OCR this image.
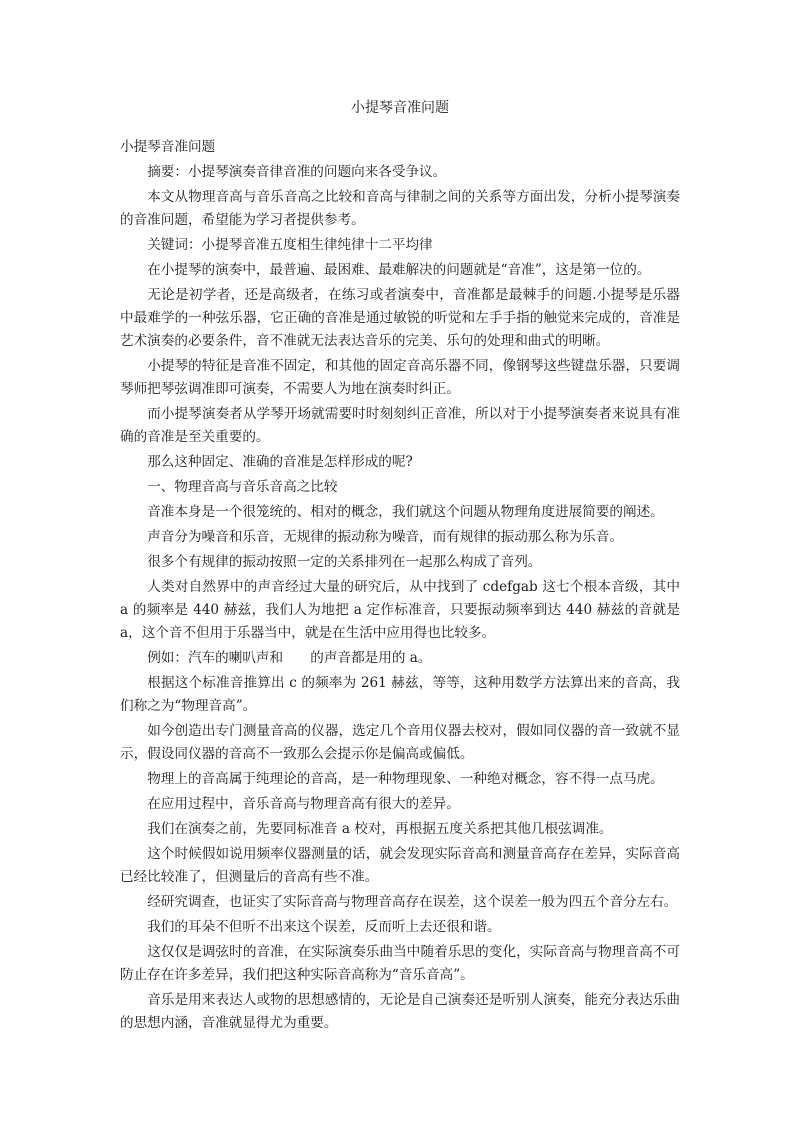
小提琴音准问题

小提琴音准问题

摘要：小提琴演奏音律音准的问题向来各受争议。

本文从物理音高与音乐音高之比较和音高与律制之间的关系等方面出发，分析小提琴演奏的音准问题，希望能为学习者提供参考。

关键词：小提琴音准五度相生律纯律十二平均律

在小提琴的演奏中，最普遍、最困难、最难解决的问题就是“音准”，这是第一位的。

无论是初学者，还是高级者，在练习或者演奏中，音准都是最棘手的问题.小提琴是乐器中最难学的一种弦乐器，它正确的音准是通过敏锐的听觉和左手手指的触觉来完成的，音准是艺术演奏的必要条件，音不准就无法表达音乐的完美、乐句的处理和曲式的明晰。

小提琴的特征是音准不固定，和其他的固定音高乐器不同，像钢琴这些键盘乐器，只要调琴师把琴弦调准即可演奏，不需要人为地在演奏时纠正。

而小提琴演奏者从学琴开场就需要时时刻刻纠正音准，所以对于小提琴演奏者来说具有准确的音准是至关重要的。

那么这种固定、准确的音准是怎样形成的呢?

一、物理音高与音乐音高之比较

音准本身是一个很笼统的、相对的概念，我们就这个问题从物理角度进展简要的阐述。

声音分为噪音和乐音，无规律的振动称为噪音，而有规律的振动那么称为乐音。

很多个有规律的振动按照一定的关系排列在一起那么构成了音列。

人类对自然界中的声音经过大量的研究后，从中找到了 cdefgab 这七个根本音级，其中 a 的频率是 440 赫兹，我们人为地把 a 定作标准音，只要振动频率到达 440 赫兹的音就是 a，这个音不但用于乐器当中，就是在生活中应用得也比较多。

例如：汽车的喇叭声和　　的声音都是用的 a。

根据这个标准音推算出 c 的频率为 261 赫兹，等等，这种用数学方法算出来的音高，我们称之为“物理音高”。

如今创造出专门测量音高的仪器，选定几个音用仪器去校对，假如同仪器的音一致就不显示，假设同仪器的音高不一致那么会提示你是偏高或偏低。

物理上的音高属于纯理论的音高，是一种物理现象、一种绝对概念，容不得一点马虎。

在应用过程中，音乐音高与物理音高有很大的差异。

我们在演奏之前，先要同标准音 a 校对，再根据五度关系把其他几根弦调准。

这个时候假如说用频率仪器测量的话，就会发现实际音高和测量音高存在差异，实际音高已经比较准了，但测量后的音高有些不准。

经研究调查，也证实了实际音高与物理音高存在误差，这个误差一般为四五个音分左右。

我们的耳朵不但听不出来这个误差，反而听上去还很和谐。

这仅仅是调弦时的音准，在实际演奏乐曲当中随着乐思的变化，实际音高与物理音高不可防止存在许多差异，我们把这种实际音高称为“音乐音高”。

音乐是用来表达人或物的思想感情的，无论是自己演奏还是听别人演奏，能充分表达乐曲的思想内涵，音准就显得尤为重要。
